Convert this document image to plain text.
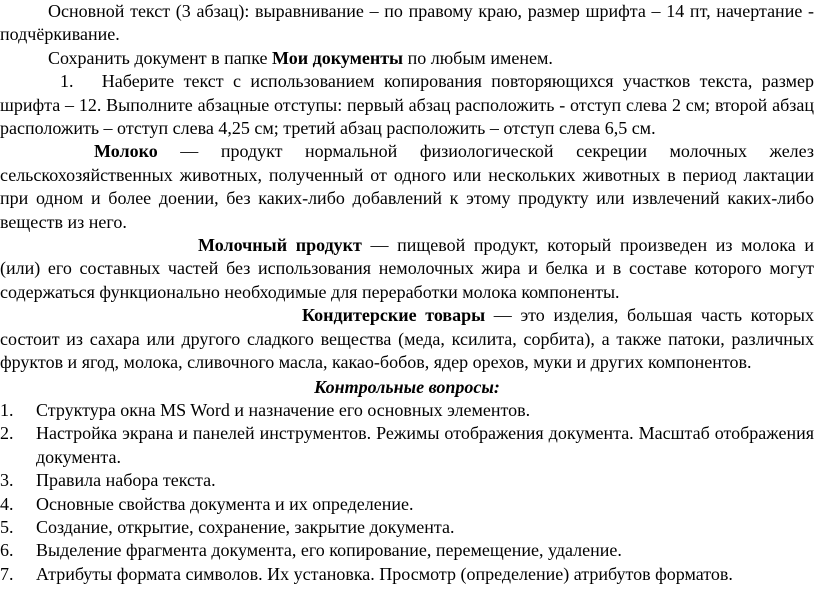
Основной текст (3 абзац): выравнивание – по правому краю, размер шрифта – 14 пт, начертание - подчёркивание.

Сохранить документ в папке Мои документы по любым именем.

1. Наберите текст с использованием копирования повторяющихся участков текста, размер шрифта – 12. Выполните абзацные отступы: первый абзац расположить - отступ слева 2 см; второй абзац расположить – отступ слева 4,25 см; третий абзац расположить – отступ слева 6,5 см.

Молоко — продукт нормальной физиологической секреции молочных желез сельскохозяйственных животных, полученный от одного или нескольких животных в период лактации при одном и более доении, без каких-либо добавлений к этому продукту или извлечений каких-либо веществ из него.

Молочный продукт — пищевой продукт, который произведен из молока и (или) его составных частей без использования немолочных жира и белка и в составе которого могут содержаться функционально необходимые для переработки молока компоненты.

Кондитерские товары — это изделия, большая часть которых состоит из сахара или другого сладкого вещества (меда, ксилита, сорбита), а также патоки, различных фруктов и ягод, молока, сливочного масла, какао-бобов, ядер орехов, муки и других компонентов.

Контрольные вопросы:

1. Структура окна MS Word и назначение его основных элементов.
2. Настройка экрана и панелей инструментов. Режимы отображения документа. Масштаб отображения документа.
3. Правила набора текста.
4. Основные свойства документа и их определение.
5. Создание, открытие, сохранение, закрытие документа.
6. Выделение фрагмента документа, его копирование, перемещение, удаление.
7. Атрибуты формата символов. Их установка. Просмотр (определение) атрибутов форматов.
